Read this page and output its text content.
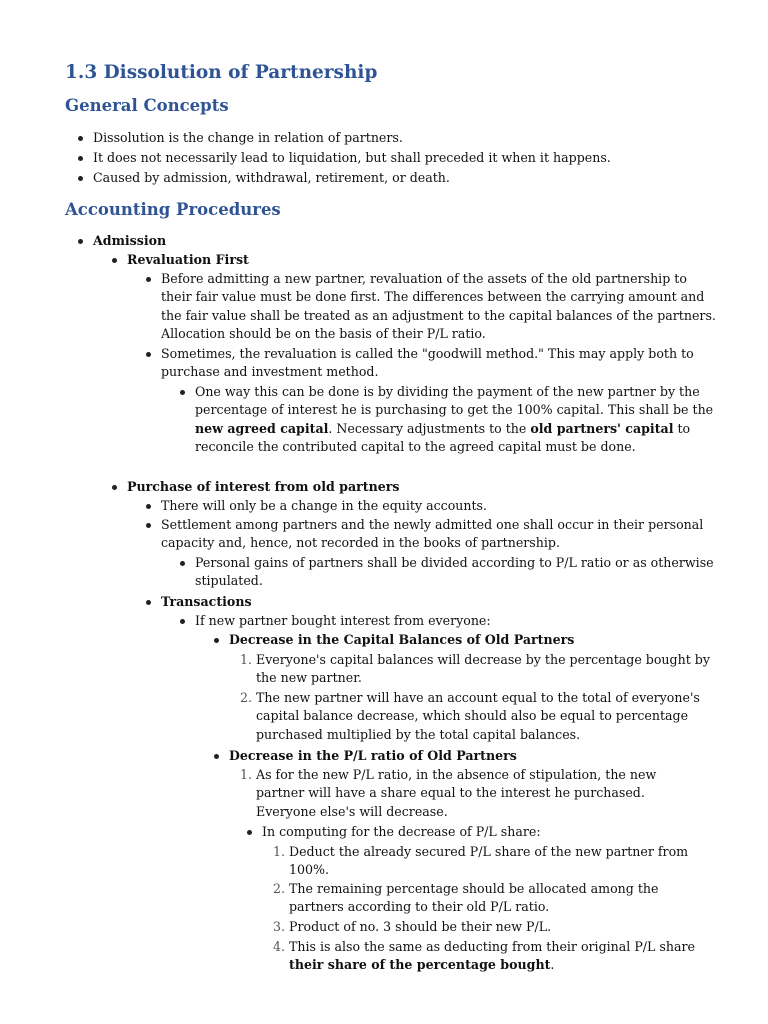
1.3 Dissolution of Partnership
General Concepts
Dissolution is the change in relation of partners.
It does not necessarily lead to liquidation, but shall preceded it when it happens.
Caused by admission, withdrawal, retirement, or death.
Accounting Procedures
Admission
Revaluation First
Before admitting a new partner, revaluation of the assets of the old partnership to their fair value must be done first. The differences between the carrying amount and the fair value shall be treated as an adjustment to the capital balances of the partners. Allocation should be on the basis of their P/L ratio.
Sometimes, the revaluation is called the "goodwill method." This may apply both to purchase and investment method.
One way this can be done is by dividing the payment of the new partner by the percentage of interest he is purchasing to get the 100% capital. This shall be the new agreed capital. Necessary adjustments to the old partners' capital to reconcile the contributed capital to the agreed capital must be done.
Purchase of interest from old partners
There will only be a change in the equity accounts.
Settlement among partners and the newly admitted one shall occur in their personal capacity and, hence, not recorded in the books of partnership.
Personal gains of partners shall be divided according to P/L ratio or as otherwise stipulated.
Transactions
If new partner bought interest from everyone:
Decrease in the Capital Balances of Old Partners
1. Everyone's capital balances will decrease by the percentage bought by the new partner.
2. The new partner will have an account equal to the total of everyone's capital balance decrease, which should also be equal to percentage purchased multiplied by the total capital balances.
Decrease in the P/L ratio of Old Partners
1. As for the new P/L ratio, in the absence of stipulation, the new partner will have a share equal to the interest he purchased. Everyone else's will decrease.
In computing for the decrease of P/L share:
1. Deduct the already secured P/L share of the new partner from 100%.
2. The remaining percentage should be allocated among the partners according to their old P/L ratio.
3. Product of no. 3 should be their new P/L.
4. This is also the same as deducting from their original P/L share their share of the percentage bought.
